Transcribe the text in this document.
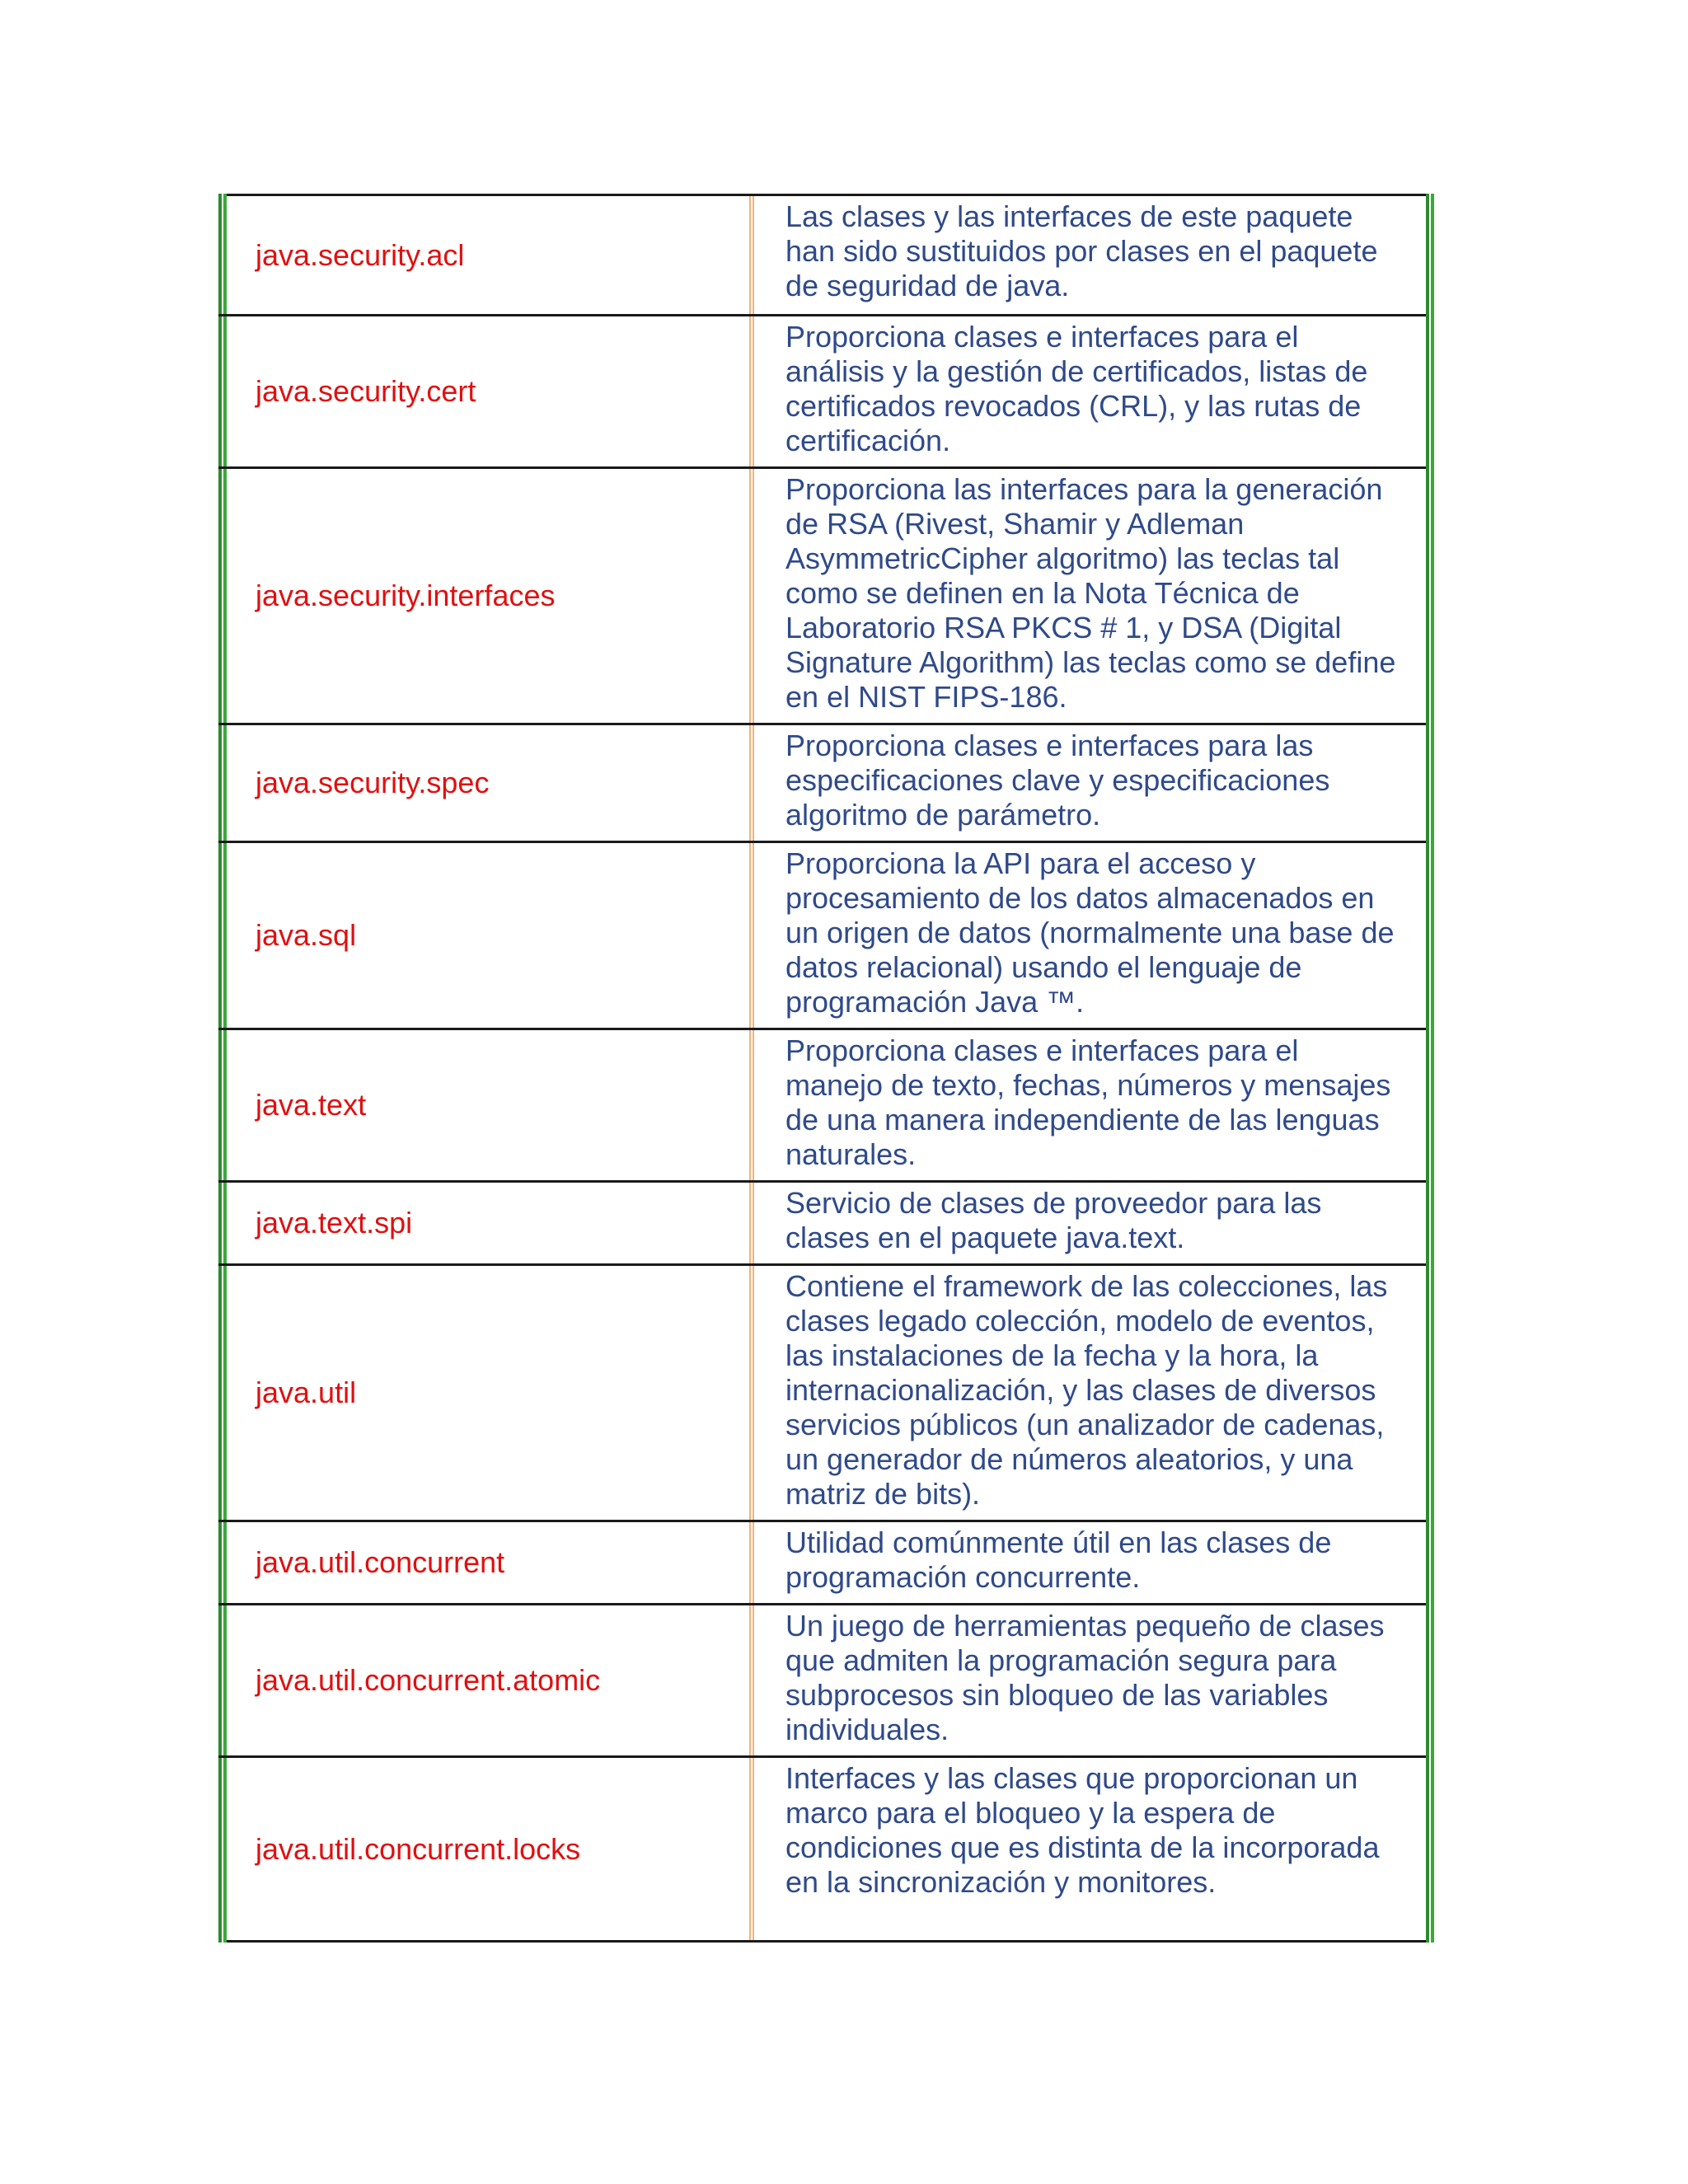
java.security.acl
Las clases y las interfaces de este paquete
han sido sustituidos por clases en el paquete
de seguridad de java.
java.security.cert
Proporciona clases e interfaces para el
análisis y la gestión de certificados, listas de
certificados revocados (CRL), y las rutas de
certificación.
java.security.interfaces
Proporciona las interfaces para la generación
de RSA (Rivest, Shamir y Adleman
AsymmetricCipher algoritmo) las teclas tal
como se definen en la Nota Técnica de
Laboratorio RSA PKCS # 1, y DSA (Digital
Signature Algorithm) las teclas como se define
en el NIST FIPS-186.
java.security.spec
Proporciona clases e interfaces para las
especificaciones clave y especificaciones
algoritmo de parámetro.
java.sql
Proporciona la API para el acceso y
procesamiento de los datos almacenados en
un origen de datos (normalmente una base de
datos relacional) usando el lenguaje de
programación Java ™.
java.text
Proporciona clases e interfaces para el
manejo de texto, fechas, números y mensajes
de una manera independiente de las lenguas
naturales.
java.text.spi
Servicio de clases de proveedor para las
clases en el paquete java.text.
java.util
Contiene el framework de las colecciones, las
clases legado colección, modelo de eventos,
las instalaciones de la fecha y la hora, la
internacionalización, y las clases de diversos
servicios públicos (un analizador de cadenas,
un generador de números aleatorios, y una
matriz de bits).
java.util.concurrent
Utilidad comúnmente útil en las clases de
programación concurrente.
java.util.concurrent.atomic
Un juego de herramientas pequeño de clases
que admiten la programación segura para
subprocesos sin bloqueo de las variables
individuales.
java.util.concurrent.locks
Interfaces y las clases que proporcionan un
marco para el bloqueo y la espera de
condiciones que es distinta de la incorporada
en la sincronización y monitores.
